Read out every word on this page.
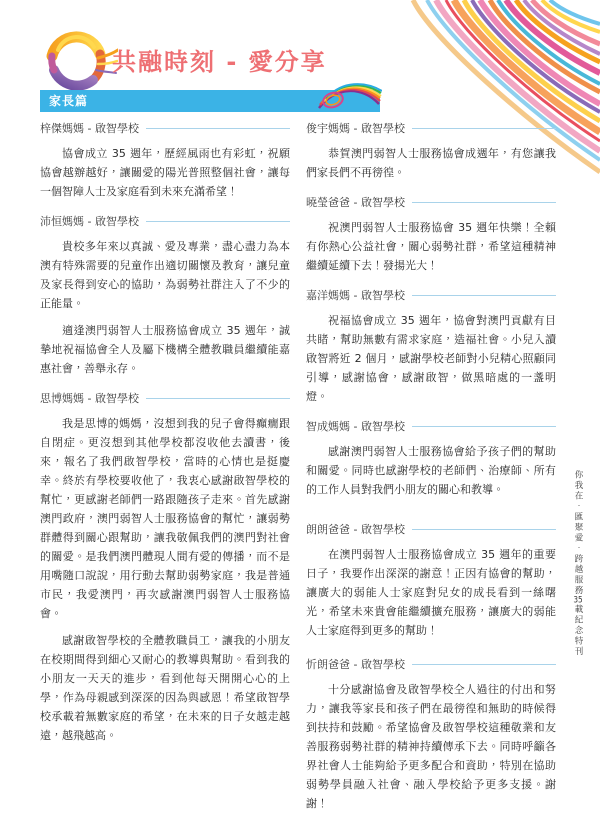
共融時刻 - 愛分享
家長篇
梓傑媽媽 - 啟智學校

協會成立 35 週年，歷經風雨也有彩虹，祝願協會越辦越好，讓關愛的陽光普照整個社會，讓每一個智障人士及家庭看到未來充滿希望！

沛恒媽媽 - 啟智學校

貴校多年來以真誠、愛及專業，盡心盡力為本澳有特殊需要的兒童作出適切關懷及教育，讓兒童及家長得到安心的協助，為弱勢社群注入了不少的正能量。

適逢澳門弱智人士服務協會成立 35 週年，誠摯地祝福協會全人及屬下機構全體教職員繼續能嘉惠社會，善舉永存。

思博媽媽 - 啟智學校

我是思博的媽媽，沒想到我的兒子會得癲癇跟自閉症。更沒想到其他學校都沒收他去讀書，後來，報名了我們啟智學校，當時的心情也是挺慶幸。終於有學校要收他了，我衷心感謝啟智學校的幫忙，更感謝老師們一路跟隨孩子走來。首先感謝澳門政府，澳門弱智人士服務協會的幫忙，讓弱勢群體得到關心跟幫助，讓我敬佩我們的澳門對社會的關愛。是我們澳門體現人間有愛的傳播，而不是用嘴隨口說說，用行動去幫助弱勢家庭，我是普通市民，我愛澳門，再次感謝澳門弱智人士服務協會。

感謝啟智學校的全體教職員工，讓我的小朋友在校期間得到細心又耐心的教導與幫助。看到我的小朋友一天天的進步，看到他每天開開心心的上學，作為母親感到深深的因為與感恩！希望啟智學校承載着無數家庭的希望，在未來的日子女越走越遠，越飛越高。

俊宇媽媽 - 啟智學校

恭賀澳門弱智人士服務協會成週年，有您讓我們家長們不再徬徨。

曉瑩爸爸 - 啟智學校

祝澳門弱智人士服務協會 35 週年快樂！全賴有你熱心公益社會，關心弱勢社群，希望這種精神繼續延續下去！發揚光大！

嘉洋媽媽 - 啟智學校

祝福協會成立 35 週年，協會對澳門貢獻有目共睹，幫助無數有需求家庭，造福社會。小兒入讀啟智將近 2 個月，感謝學校老師對小兒精心照顧同引導，感謝協會，感謝啟智，做黑暗處的一盞明燈。

智成媽媽 - 啟智學校

感謝澳門弱智人士服務協會給予孩子們的幫助和關愛。同時也感謝學校的老師們、治療師、所有的工作人員對我們小朋友的關心和教導。

朗朗爸爸 - 啟智學校

在澳門弱智人士服務協會成立 35 週年的重要日子，我要作出深深的謝意！正因有協會的幫助，讓廣大的弱能人士家庭對兒女的成長看到一絲曙光，希望未來貴會能繼續擴充服務，讓廣大的弱能人士家庭得到更多的幫助！

忻朗爸爸 - 啟智學校

十分感謝協會及啟智學校仝人過往的付出和努力，讓我等家長和孩子們在最徬徨和無助的時候得到扶持和鼓勵。希望協會及啟智學校這種敬業和友善服務弱勢社群的精神持續傳承下去。同時呼籲各界社會人士能夠給予更多配合和資助，特別在協助弱勢學員融入社會、融入學校給予更多支援。謝謝！

你我在．匯聚愛．跨越服務35載紀念特刊
